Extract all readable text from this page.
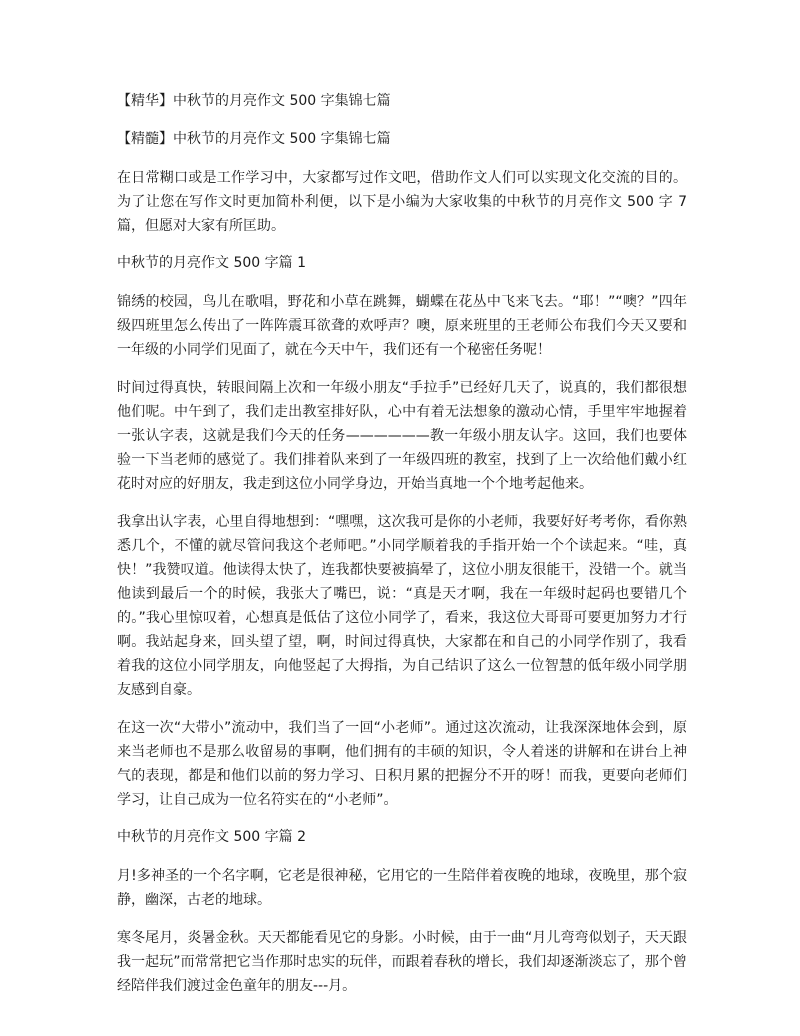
【精华】中秋节的月亮作文 500 字集锦七篇
【精髓】中秋节的月亮作文 500 字集锦七篇
在日常糊口或是工作学习中，大家都写过作文吧，借助作文人们可以实现文化交流的目的。为了让您在写作文时更加简朴利便，以下是小编为大家收集的中秋节的月亮作文 500 字 7 篇，但愿对大家有所匡助。
中秋节的月亮作文 500 字篇 1
锦绣的校园，鸟儿在歌唱，野花和小草在跳舞，蝴蝶在花丛中飞来飞去。“耶！”“噢？”四年级四班里怎么传出了一阵阵震耳欲聋的欢呼声？噢，原来班里的王老师公布我们今天又要和一年级的小同学们见面了，就在今天中午，我们还有一个秘密任务呢！
时间过得真快，转眼间隔上次和一年级小朋友“手拉手”已经好几天了，说真的，我们都很想他们呢。中午到了，我们走出教室排好队，心中有着无法想象的激动心情，手里牢牢地握着一张认字表，这就是我们今天的任务——————教一年级小朋友认字。这回，我们也要体验一下当老师的感觉了。我们排着队来到了一年级四班的教室，找到了上一次给他们戴小红花时对应的好朋友，我走到这位小同学身边，开始当真地一个个地考起他来。
我拿出认字表，心里自得地想到：“嘿嘿，这次我可是你的小老师，我要好好考考你，看你熟悉几个，不懂的就尽管问我这个老师吧。”小同学顺着我的手指开始一个个读起来。“哇，真快！”我赞叹道。他读得太快了，连我都快要被搞晕了，这位小朋友很能干，没错一个。就当他读到最后一个的时候，我张大了嘴巴，说：“真是天才啊，我在一年级时起码也要错几个的。”我心里惊叹着，心想真是低估了这位小同学了，看来，我这位大哥哥可要更加努力才行啊。我站起身来，回头望了望，啊，时间过得真快，大家都在和自己的小同学作别了，我看着我的这位小同学朋友，向他竖起了大拇指，为自己结识了这么一位智慧的低年级小同学朋友感到自豪。
在这一次“大带小”流动中，我们当了一回“小老师”。通过这次流动，让我深深地体会到，原来当老师也不是那么收留易的事啊，他们拥有的丰硕的知识，令人着迷的讲解和在讲台上神气的表现，都是和他们以前的努力学习、日积月累的把握分不开的呀！而我，更要向老师们学习，让自己成为一位名符实在的“小老师”。
中秋节的月亮作文 500 字篇 2
月!多神圣的一个名字啊，它老是很神秘，它用它的一生陪伴着夜晚的地球，夜晚里，那个寂静，幽深，古老的地球。
寒冬尾月，炎暑金秋。天天都能看见它的身影。小时候，由于一曲“月儿弯弯似划子，天天跟我一起玩”而常常把它当作那时忠实的玩伴，而跟着春秋的增长，我们却逐渐淡忘了，那个曾经陪伴我们渡过金色童年的朋友---月。
